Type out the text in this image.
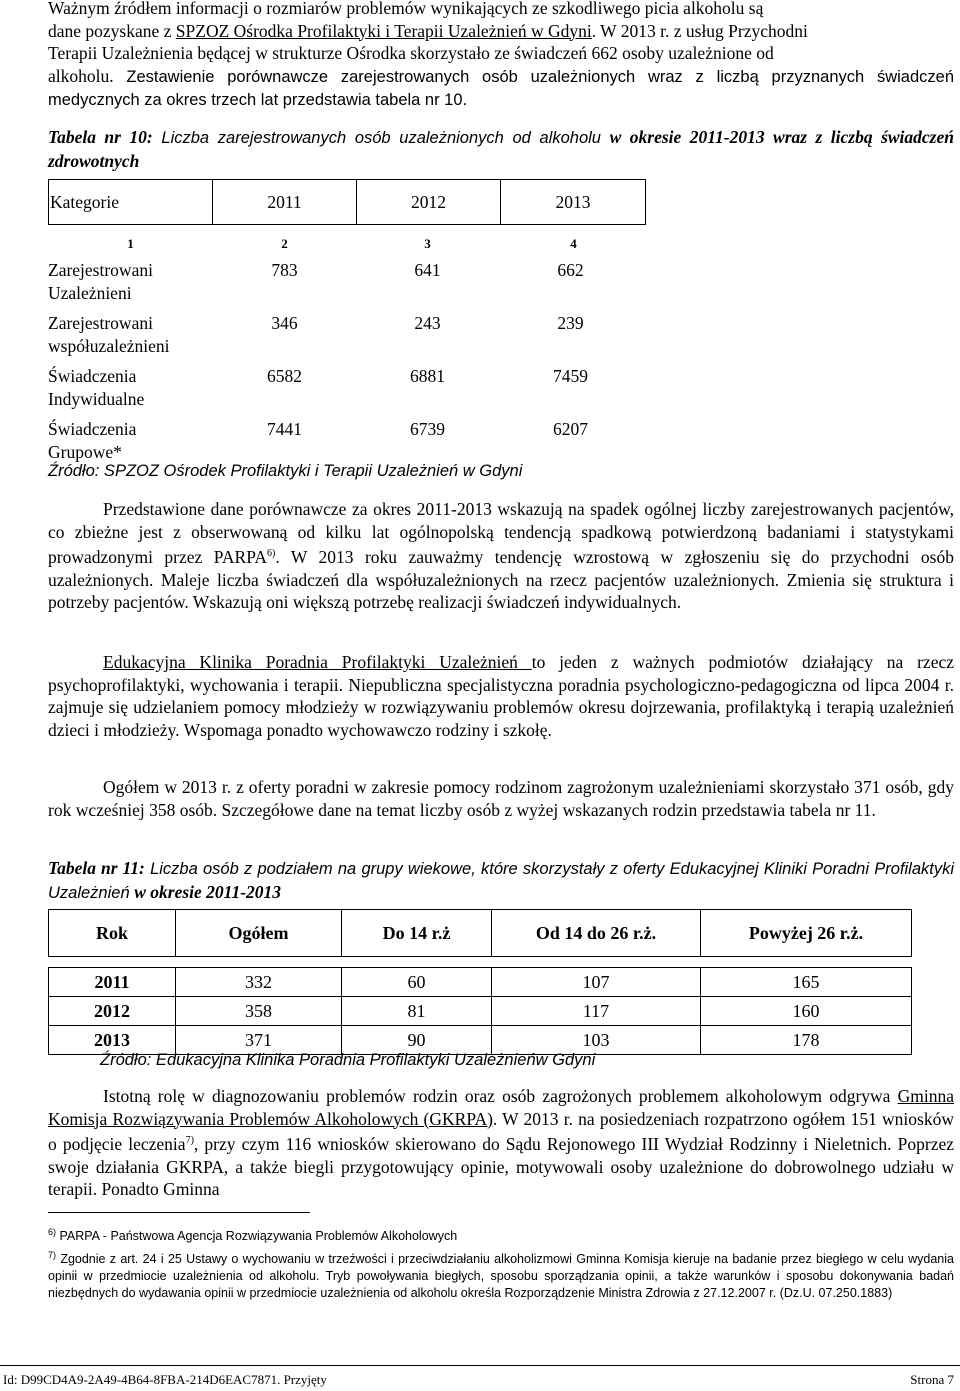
Ważnym źródłem informacji o rozmiarów problemów wynikających ze szkodliwego picia alkoholu są

dane pozyskane z SPZOZ Ośrodka Profilaktyki i Terapii Uzależnień w Gdyni. W 2013 r. z usług Przychodni

Terapii Uzależnienia będącej w strukturze Ośrodka skorzystało ze świadczeń 662 osoby uzależnione od

alkoholu. Zestawienie porównawcze zarejestrowanych osób uzależnionych wraz z liczbą przyznanych świadczeń medycznych za okres trzech lat przedstawia tabela nr 10.

Tabela nr 10: Liczba zarejestrowanych osób uzależnionych od alkoholu w okresie 2011-2013 wraz z liczbą świadczeń zdrowotnych
Kategorie	2011	2012	2013
1	2	3	4
Zarejestrowani
Uzależnieni
783	641	662
Zarejestrowani
współuzależnieni
346	243	239
Świadczenia
Indywidualne
6582	6881	7459
Świadczenia
Grupowe*
7441	6739	6207
Źródło: SPZOZ Ośrodek Profilaktyki i Terapii Uzależnień w Gdyni

Przedstawione dane porównawcze za okres 2011-2013 wskazują na spadek ogólnej liczby zarejestrowanych pacjentów, co zbieżne jest z obserwowaną od kilku lat ogólnopolską tendencją spadkową potwierdzoną badaniami i statystykami prowadzonymi przez PARPA$^{6)}$. W 2013 roku zauważmy tendencję wzrostową w zgłoszeniu się do przychodni osób uzależnionych. Maleje liczba świadczeń dla współuzależnionych na rzecz pacjentów uzależnionych. Zmienia się struktura i potrzeby pacjentów. Wskazują oni większą potrzebę realizacji świadczeń indywidualnych.

Edukacyjna Klinika Poradnia Profilaktyki Uzależnień to jeden z ważnych podmiotów działający na rzecz psychoprofilaktyki, wychowania i terapii. Niepubliczna specjalistyczna poradnia psychologiczno-pedagogiczna od lipca 2004 r. zajmuje się udzielaniem pomocy młodzieży w rozwiązywaniu problemów okresu dojrzewania, profilaktyką i terapią uzależnień dzieci i młodzieży. Wspomaga ponadto wychowawczo rodziny i szkołę.

Ogółem w 2013 r. z oferty poradni w zakresie pomocy rodzinom zagrożonym uzależnieniami skorzystało 371 osób, gdy rok wcześniej 358 osób. Szczegółowe dane na temat liczby osób z wyżej wskazanych rodzin przedstawia tabela nr 11.

Tabela nr 11: Liczba osób z podziałem na grupy wiekowe, które skorzystały z oferty Edukacyjnej Kliniki Poradni Profilaktyki Uzależnień w okresie 2011-2013
Rok	Ogółem	Do 14 r.ż	Od 14 do 26 r.ż.	Powyżej 26 r.ż.

2011	332	60	107	165
2012	358	81	117	160
2013	371	90	103	178
Źródło: Edukacyjna Klinika Poradnia Profilaktyki Uzależnieńw Gdyni

Istotną rolę w diagnozowaniu problemów rodzin oraz osób zagrożonych problemem alkoholowym odgrywa Gminna Komisja Rozwiązywania Problemów Alkoholowych (GKRPA). W 2013 r. na posiedzeniach rozpatrzono ogółem 151 wniosków o podjęcie leczenia$^{7)}$, przy czym 116 wniosków skierowano do Sądu Rejonowego III Wydział Rodzinny i Nieletnich. Poprzez swoje działania GKRPA, a także biegli przygotowujący opinie, motywowali osoby uzależnione do dobrowolnego udziału w terapii. Ponadto Gminna

$^{6)}$ PARPA - Państwowa Agencja Rozwiązywania Problemów Alkoholowych
$^{7)}$ Zgodnie z art. 24 i 25 Ustawy o wychowaniu w trzeźwości i przeciwdziałaniu alkoholizmowi Gminna Komisja kieruje na badanie przez biegłego w celu wydania opinii w przedmiocie uzależnienia od alkoholu. Tryb powoływania biegłych, sposobu sporządzania opinii, a także warunków i sposobu dokonywania badań niezbędnych do wydawania opinii w przedmiocie uzależnienia od alkoholu określa Rozporządzenie Ministra Zdrowia z 27.12.2007 r. (Dz.U. 07.250.1883)
Id: D99CD4A9-2A49-4B64-8FBA-214D6EAC7871. Przyjęty	Strona 7
